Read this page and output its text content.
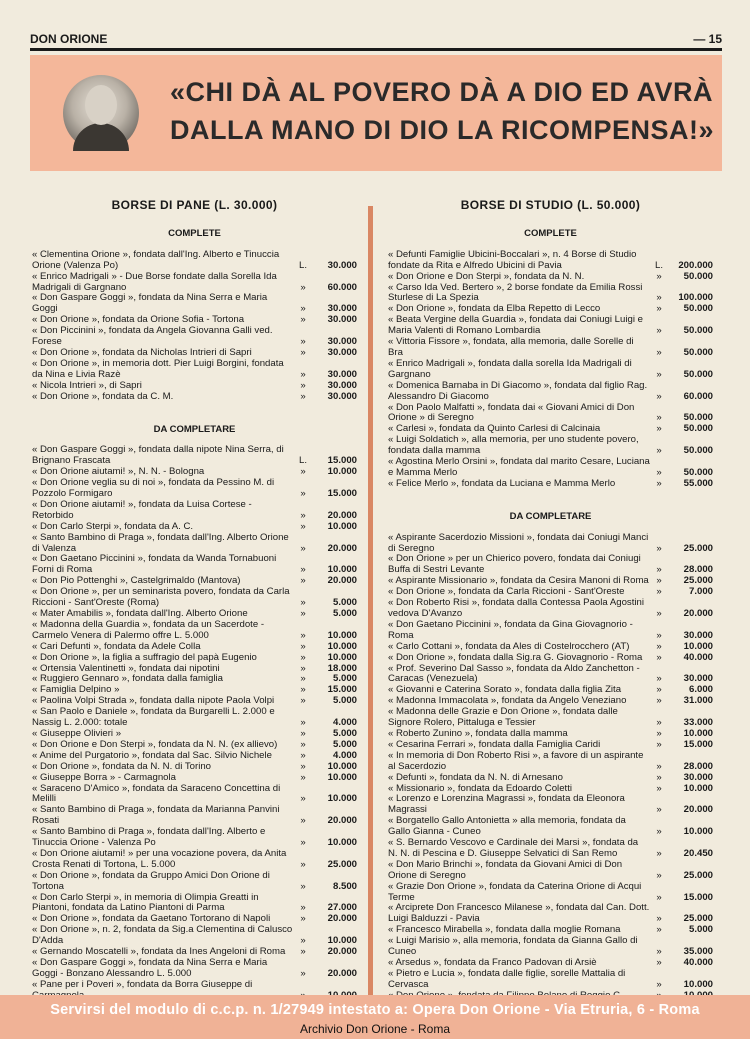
DON ORIONE	— 15
«CHI DÀ AL POVERO DÀ A DIO ED AVRÀ
DALLA MANO DI DIO LA RICOMPENSA!»
BORSE DI PANE (L. 30.000)
COMPLETE
« Clementina Orione », fondata dall'Ing. Alberto e Tinuccia Orione (Valenza Po)	L.	30.000
« Enrico Madrigali » - Due Borse fondate dalla Sorella Ida Madrigali di Gargnano	»	60.000
« Don Gaspare Goggi », fondata da Nina Serra e Maria Goggi	»	30.000
« Don Orione », fondata da Orione Sofia - Tortona	»	30.000
« Don Piccinini », fondata da Angela Giovanna Galli ved. Forese	»	30.000
« Don Orione », fondata da Nicholas Intrieri di Sapri	»	30.000
« Don Orione », in memoria dott. Pier Luigi Borgini, fondata da Nina e Livia Razè	»	30.000
« Nicola Intrieri », di Sapri	»	30.000
« Don Orione », fondata da C. M.	»	30.000
DA COMPLETARE
« Don Gaspare Goggi », fondata dalla nipote Nina Serra, di Brignano Frascata	L.	15.000
« Don Orione aiutami! », N. N. - Bologna	»	10.000
« Don Orione veglia su di noi », fondata da Pessino M. di Pozzolo Formigaro	»	15.000
« Don Orione aiutami! », fondata da Luisa Cortese - Retorbido	»	20.000
« Don Carlo Sterpi », fondata da A. C.	»	10.000
« Santo Bambino di Praga », fondata dall'Ing. Alberto Orione di Valenza	»	20.000
« Don Gaetano Piccinini », fondata da Wanda Tornabuoni Forni di Roma	»	10.000
« Don Pio Pottenghi », Castelgrimaldo (Mantova)	»	20.000
« Don Orione », per un seminarista povero, fondata da Carla Riccioni - Sant'Oreste (Roma)	»	5.000
« Mater Amabilis », fondata dall'Ing. Alberto Orione	»	5.000
« Madonna della Guardia », fondata da un Sacerdote - Carmelo Venera di Palermo offre L. 5.000	»	10.000
« Cari Defunti », fondata da Adele Colla	»	10.000
« Don Orione », la figlia a suffragio del papà Eugenio	»	10.000
« Ortensia Valentinetti », fondata dai nipotini	»	18.000
« Ruggiero Gennaro », fondata dalla famiglia	»	5.000
« Famiglia Delpino »	»	15.000
« Paolina Volpi Strada », fondata dalla nipote Paola Volpi	»	5.000
« San Paolo e Daniele », fondata da Burgarelli L. 2.000 e Nassig L. 2.000: totale	»	4.000
« Giuseppe Olivieri »	»	5.000
« Don Orione e Don Sterpi », fondata da N. N. (ex allievo)	»	5.000
« Anime del Purgatorio », fondata dal Sac. Silvio Nichele	»	4.000
« Don Orione », fondata da N. N. di Torino	»	10.000
« Giuseppe Borra » - Carmagnola	»	10.000
« Saraceno D'Amico », fondata da Saraceno Concettina di Melilli	»	10.000
« Santo Bambino di Praga », fondata da Marianna Panvini Rosati	»	20.000
« Santo Bambino di Praga », fondata dall'Ing. Alberto e Tinuccia Orione - Valenza Po	»	10.000
« Don Orione aiutami! » per una vocazione povera, da Anita Crosta Renati di Tortona, L. 5.000	»	25.000
« Don Orione », fondata da Gruppo Amici Don Orione di Tortona	»	8.500
« Don Carlo Sterpi », in memoria di Olimpia Greatti in Piantoni, fondata da Latino Piantoni di Parma	»	27.000
« Don Orione », fondata da Gaetano Tortorano di Napoli	»	20.000
« Don Orione », n. 2, fondata da Sig.a Clementina di Calusco D'Adda	»	10.000
« Gernando Moscatelli », fondata da Ines Angeloni di Roma	»	20.000
« Don Gaspare Goggi », fondata da Nina Serra e Maria Goggi - Bonzano Alessandro L. 5.000	»	20.000
« Pane per i Poveri », fondata da Borra Giuseppe di
BORSE DI STUDIO (L. 50.000)
COMPLETE
« Defunti Famiglie Ubicini-Boccalari », n. 4 Borse di Studio fondate da Rita e Alfredo Ubicini di Pavia	L.	200.000
« Don Orione e Don Sterpi », fondata da N. N.	»	50.000
« Carso Ida Ved. Bertero », 2 borse fondate da Emilia Rossi Sturlese di La Spezia	»	100.000
« Don Orione », fondata da Elba Repetto di Lecco	»	50.000
« Beata Vergine della Guardia », fondata dai Coniugi Luigi e Maria Valenti di Romano Lombardia	»	50.000
« Vittoria Fissore », fondata, alla memoria, dalle Sorelle di Bra	»	50.000
« Enrico Madrigali », fondata dalla sorella Ida Madrigali di Gargnano	»	50.000
« Domenica Barnaba in Di Giacomo », fondata dal figlio Rag. Alessandro Di Giacomo	»	60.000
« Don Paolo Malfatti », fondata dai « Giovani Amici di Don Orione » di Seregno	»	50.000
« Carlesi », fondata da Quinto Carlesi di Calcinaia	»	50.000
« Luigi Soldatich », alla memoria, per uno studente povero, fondata dalla mamma	»	50.000
« Agostina Merlo Orsini », fondata dal marito Cesare, Luciana e Mamma Merlo	»	50.000
« Felice Merlo », fondata da Luciana e Mamma Merlo	»	55.000
DA COMPLETARE
« Aspirante Sacerdozio Missioni », fondata dai Coniugi Manci di Seregno	»	25.000
« Don Orione » per un Chierico povero, fondata dai Coniugi Buffa di Sestri Levante	»	28.000
« Aspirante Missionario », fondata da Cesira Manoni di Roma »	25.000
« Don Orione », fondata da Carla Riccioni - Sant'Oreste	»	7.000
« Don Roberto Risi », fondata dalla Contessa Paola Agostini vedova D'Avanzo	»	20.000
« Don Gaetano Piccinini », fondata da Gina Giovagnorio - Roma	»	30.000
« Carlo Cottani », fondata da Ales di Costelrocchero (AT)	»	10.000
« Don Orione », fondata dalla Sig.ra G. Giovagnorio - Roma	»	40.000
« Prof. Severino Dal Sasso », fondata da Aldo Zanchetton - Caracas (Venezuela)	»	30.000
« Giovanni e Caterina Sorato », fondata dalla figlia Zita	»	6.000
« Madonna Immacolata », fondata da Angelo Veneziano	»	31.000
« Madonna delle Grazie e Don Orione », fondata dalle Signore Rolero, Pittaluga e Tessier	»	33.000
« Roberto Zunino », fondata dalla mamma	»	10.000
« Cesarina Ferrari », fondata dalla Famiglia Caridi	»	15.000
« In memoria di Don Roberto Risi », a favore di un aspirante al Sacerdozio	»	28.000
« Defunti », fondata da N. N. di Arnesano	»	30.000
« Missionario », fondata da Edoardo Coletti	»	10.000
« Lorenzo e Lorenzina Magrassi », fondata da Eleonora Magrassi	»	20.000
« Borgatello Gallo Antonietta » alla memoria, fondata da Gallo Gianna - Cuneo	»	10.000
« S. Bernardo Vescovo e Cardinale dei Marsi », fondata da N. N. di Pescina e D. Giuseppe Selvatici di San Remo	»	20.450
« Don Mario Brinchi », fondata da Giovani Amici di Don Orione di Seregno	»	25.000
« Grazie Don Orione », fondata da Caterina Orione di Acqui Terme	»	15.000
« Arciprete Don Francesco Milanese », fondata dal Can. Dott. Luigi Balduzzi - Pavia	»	25.000
« Francesco Mirabella », fondata dalla moglie Romana	»	5.000
« Luigi Marisio », alla memoria, fondata da Gianna Gallo di Cuneo	»	35.000
« Arsedus », fondata da Franco Padovan di Arsiè	»	40.000
« Pietro e Lucia », fondata dalle figlie, sorelle Mattalia di Cervasca	»	10.000
Servirsi del modulo di c.c.p. n. 1/27949 intestato a: Opera Don Orione - Via Etruria, 6 - Roma
Archivio Don Orione - Roma
